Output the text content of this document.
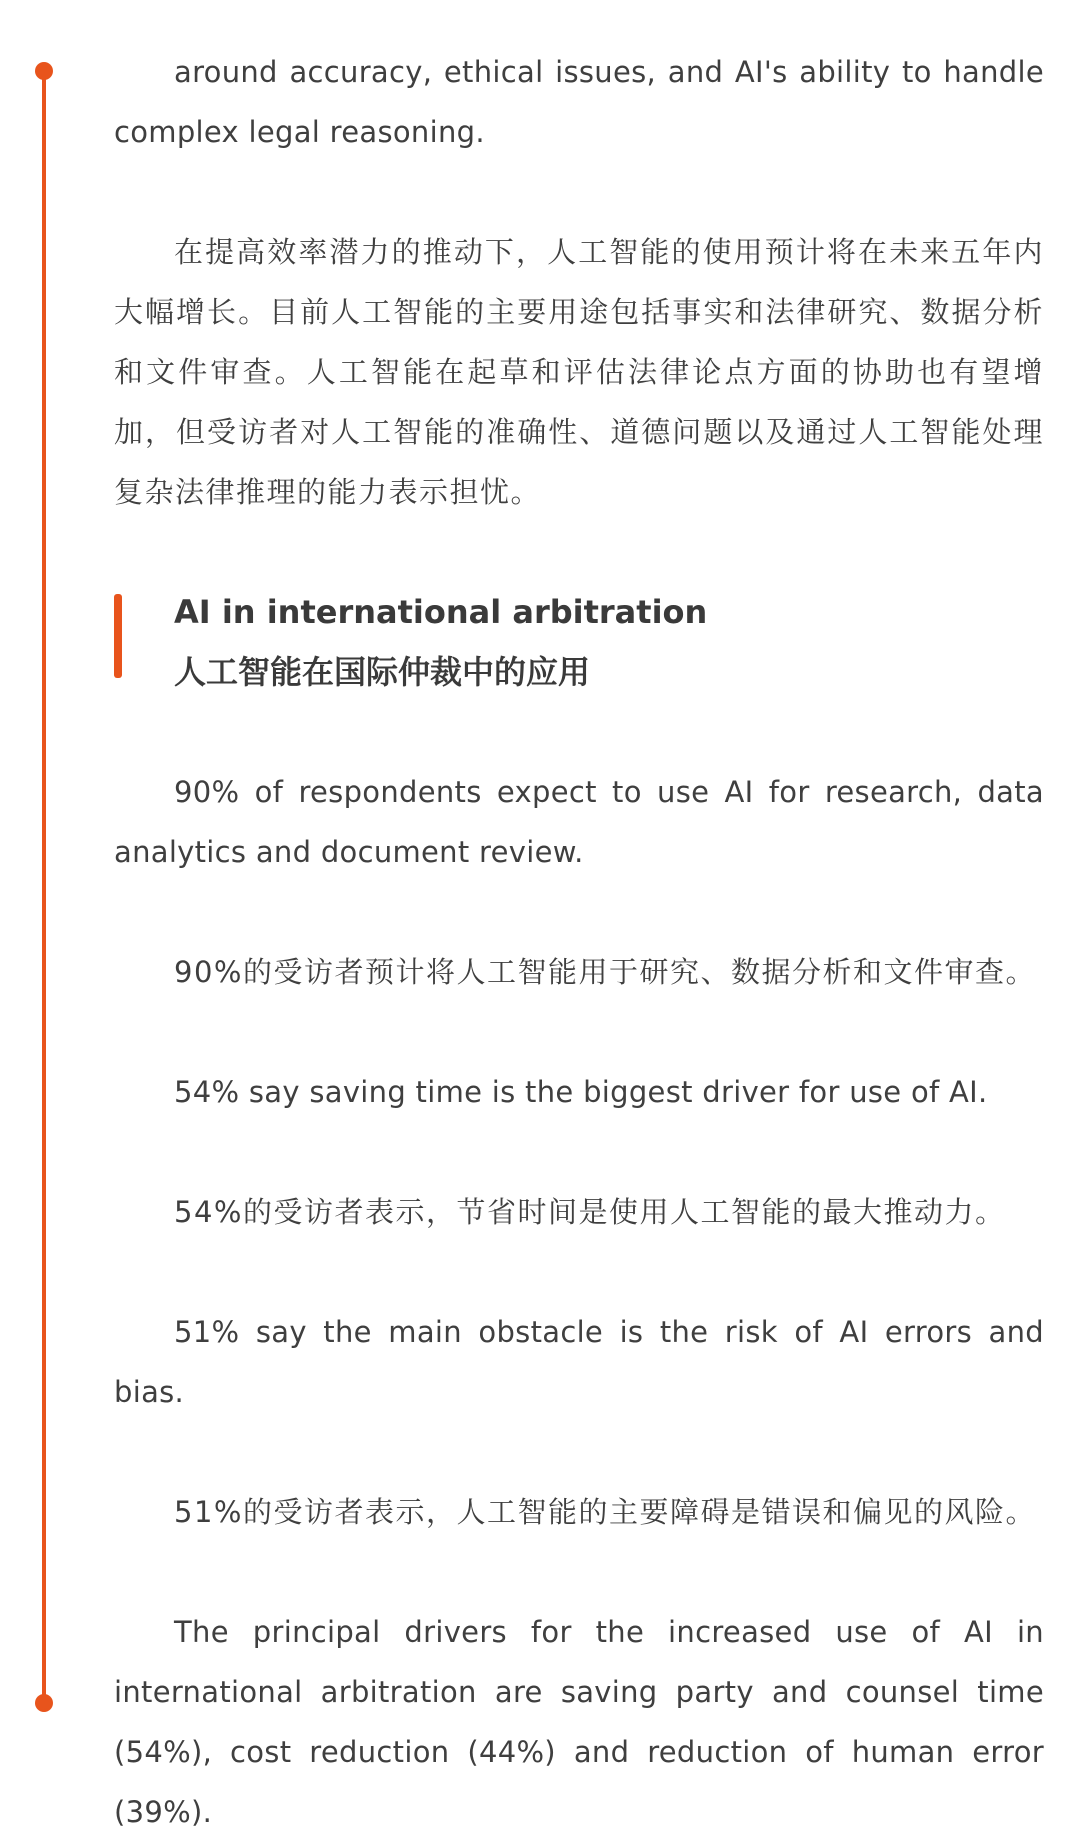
around accuracy, ethical issues, and AI's ability to handle complex legal reasoning.

在提高效率潜力的推动下，人工智能的使用预计将在未来五年内大幅增长。目前人工智能的主要用途包括事实和法律研究、数据分析和文件审查。人工智能在起草和评估法律论点方面的协助也有望增加，但受访者对人工智能的准确性、道德问题以及通过人工智能处理复杂法律推理的能力表示担忧。

AI in international arbitration
人工智能在国际仲裁中的应用

90% of respondents expect to use AI for research, data analytics and document review.

90%的受访者预计将人工智能用于研究、数据分析和文件审查。

54% say saving time is the biggest driver for use of AI.

54%的受访者表示，节省时间是使用人工智能的最大推动力。

51% say the main obstacle is the risk of AI errors and bias.

51%的受访者表示，人工智能的主要障碍是错误和偏见的风险。

The principal drivers for the increased use of AI in international arbitration are saving party and counsel time (54%), cost reduction (44%) and reduction of human error (39%).
